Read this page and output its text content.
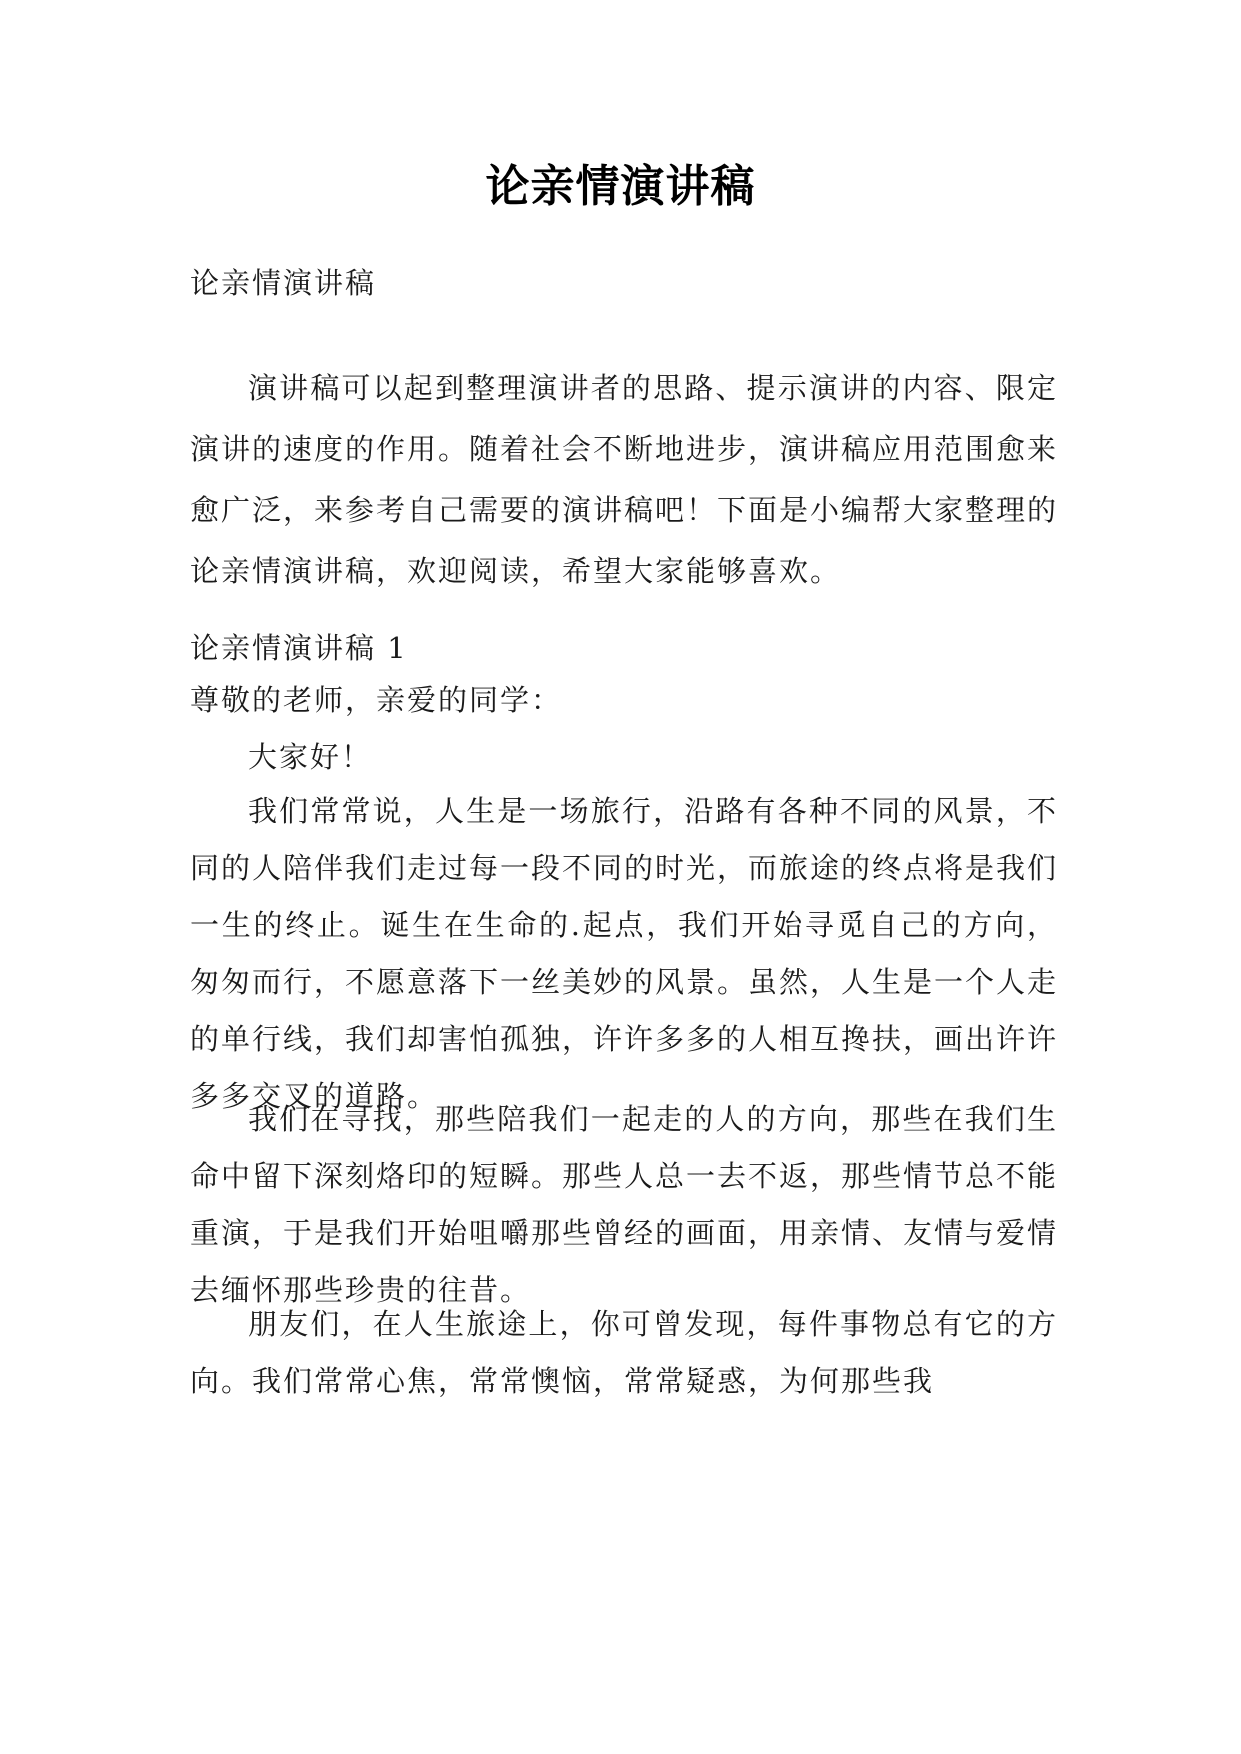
论亲情演讲稿

论亲情演讲稿

演讲稿可以起到整理演讲者的思路、提示演讲的内容、限定演讲的速度的作用。随着社会不断地进步，演讲稿应用范围愈来愈广泛，来参考自己需要的演讲稿吧！下面是小编帮大家整理的论亲情演讲稿，欢迎阅读，希望大家能够喜欢。

论亲情演讲稿 1

尊敬的老师，亲爱的同学：

大家好！

我们常常说，人生是一场旅行，沿路有各种不同的风景，不同的人陪伴我们走过每一段不同的时光，而旅途的终点将是我们一生的终止。诞生在生命的.起点，我们开始寻觅自己的方向，匆匆而行，不愿意落下一丝美妙的风景。虽然，人生是一个人走的单行线，我们却害怕孤独，许许多多的人相互搀扶，画出许许多多交叉的道路。

我们在寻找，那些陪我们一起走的人的方向，那些在我们生命中留下深刻烙印的短瞬。那些人总一去不返，那些情节总不能重演，于是我们开始咀嚼那些曾经的画面，用亲情、友情与爱情去缅怀那些珍贵的往昔。

朋友们，在人生旅途上，你可曾发现，每件事物总有它的方向。我们常常心焦，常常懊恼，常常疑惑，为何那些我
